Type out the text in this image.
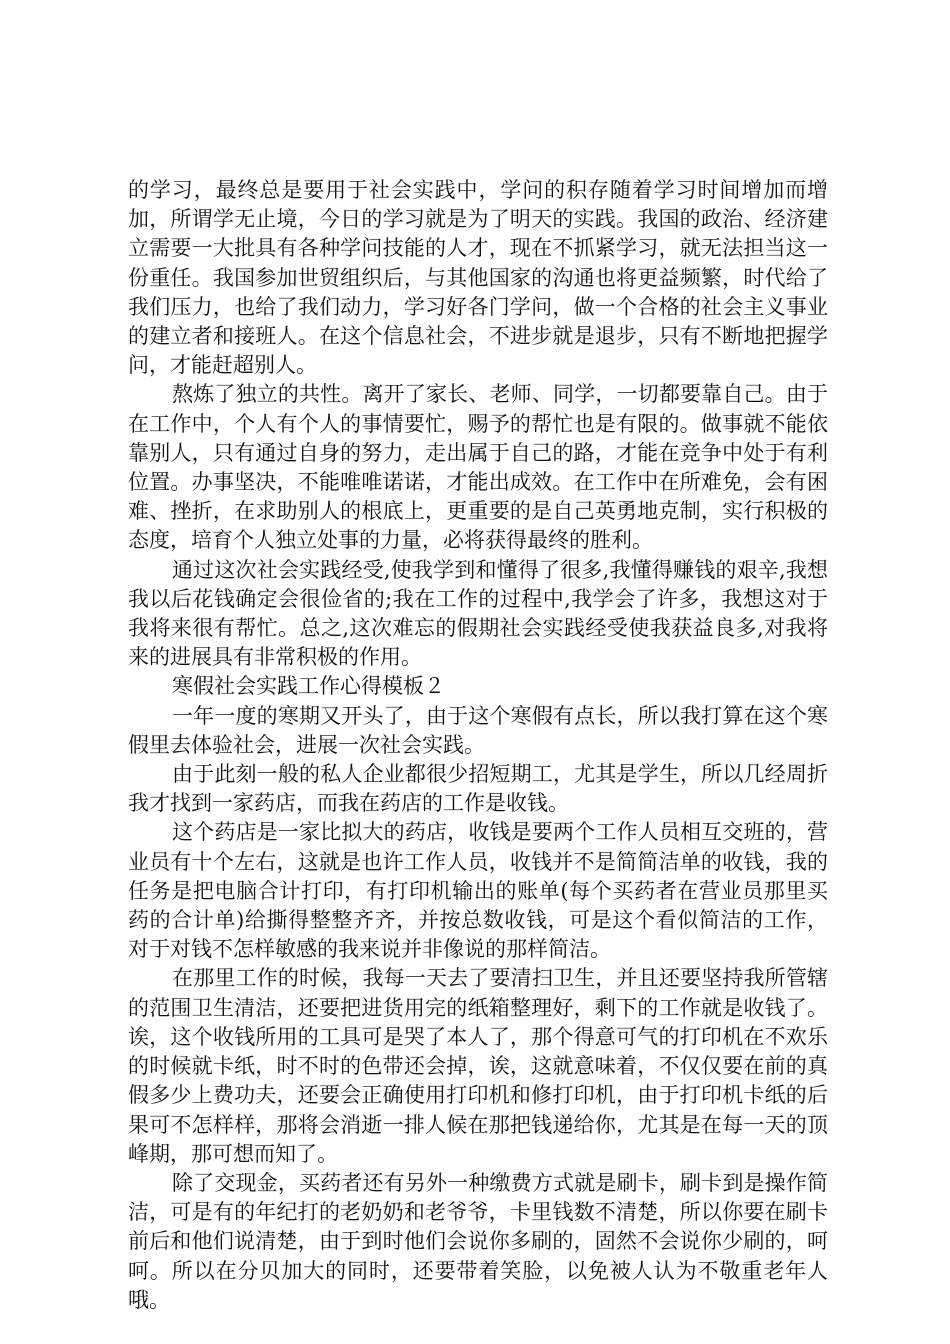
的学习，最终总是要用于社会实践中，学问的积存随着学习时间增加而增加，所谓学无止境，今日的学习就是为了明天的实践。我国的政治、经济建立需要一大批具有各种学问技能的人才，现在不抓紧学习，就无法担当这一份重任。我国参加世贸组织后，与其他国家的沟通也将更益频繁，时代给了我们压力，也给了我们动力，学习好各门学问，做一个合格的社会主义事业的建立者和接班人。在这个信息社会，不进步就是退步，只有不断地把握学问，才能赶超别人。

熬炼了独立的共性。离开了家长、老师、同学，一切都要靠自己。由于在工作中，个人有个人的事情要忙，赐予的帮忙也是有限的。做事就不能依靠别人，只有通过自身的努力，走出属于自己的路，才能在竞争中处于有利位置。办事坚决，不能唯唯诺诺，才能出成效。在工作中在所难免，会有困难、挫折，在求助别人的根底上，更重要的是自己英勇地克制，实行积极的态度，培育个人独立处事的力量，必将获得最终的胜利。

通过这次社会实践经受,使我学到和懂得了很多,我懂得赚钱的艰辛,我想我以后花钱确定会很俭省的;我在工作的过程中,我学会了许多，我想这对于我将来很有帮忙。总之,这次难忘的假期社会实践经受使我获益良多,对我将来的进展具有非常积极的作用。

寒假社会实践工作心得模板２

一年一度的寒期又开头了，由于这个寒假有点长，所以我打算在这个寒假里去体验社会，进展一次社会实践。

由于此刻一般的私人企业都很少招短期工，尤其是学生，所以几经周折我才找到一家药店，而我在药店的工作是收钱。

这个药店是一家比拟大的药店，收钱是要两个工作人员相互交班的，营业员有十个左右，这就是也许工作人员，收钱并不是简简洁单的收钱，我的任务是把电脑合计打印，有打印机输出的账单(每个买药者在营业员那里买药的合计单)给撕得整整齐齐，并按总数收钱，可是这个看似简洁的工作，对于对钱不怎样敏感的我来说并非像说的那样简洁。

在那里工作的时候，我每一天去了要清扫卫生，并且还要坚持我所管辖的范围卫生清洁，还要把进货用完的纸箱整理好，剩下的工作就是收钱了。诶，这个收钱所用的工具可是哭了本人了，那个得意可气的打印机在不欢乐的时候就卡纸，时不时的色带还会掉，诶，这就意味着，不仅仅要在前的真假多少上费功夫，还要会正确使用打印机和修打印机，由于打印机卡纸的后果可不怎样样，那将会消逝一排人候在那把钱递给你，尤其是在每一天的顶峰期，那可想而知了。

除了交现金，买药者还有另外一种缴费方式就是刷卡，刷卡到是操作简洁，可是有的年纪打的老奶奶和老爷爷，卡里钱数不清楚，所以你要在刷卡前后和他们说清楚，由于到时他们会说你多刷的，固然不会说你少刷的，呵呵。所以在分贝加大的同时，还要带着笑脸，以免被人认为不敬重老年人哦。
